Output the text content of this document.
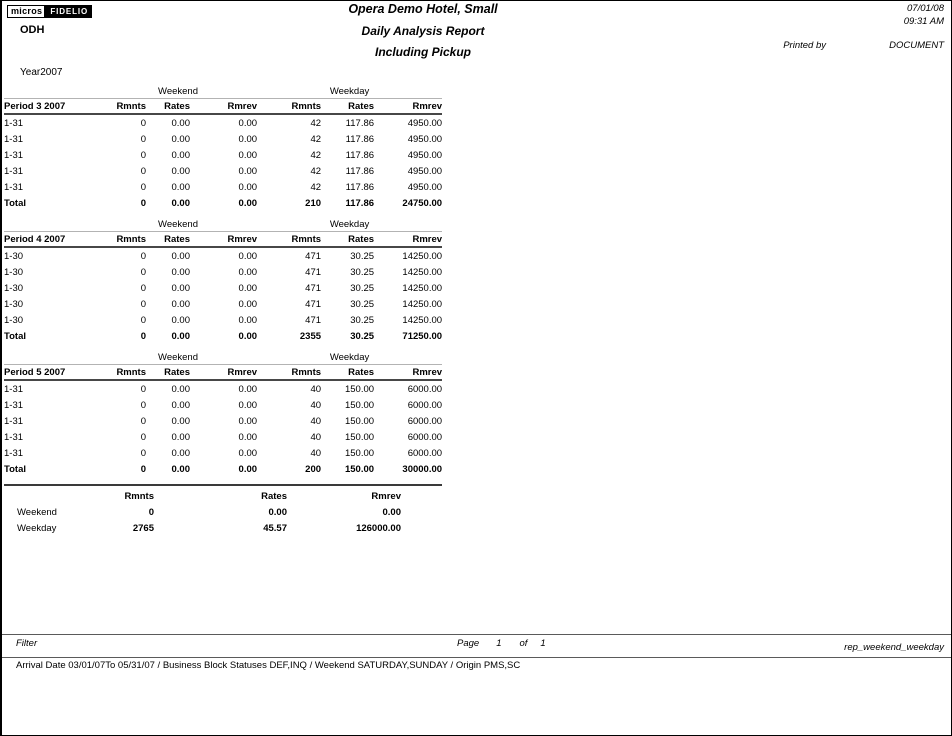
micros	FIDELIO
ODH
Opera Demo Hotel, Small
Daily Analysis Report
Including Pickup
07/01/08
09:31 AM
Printed by	DOCUMENT
Year2007
	Weekend			Weekday		
Period 3 2007	Rmnts	Rates	Rmrev	Rmnts	Rates	Rmrev
1-31	0	0.00	0.00	42	117.86	4950.00
1-31	0	0.00	0.00	42	117.86	4950.00
1-31	0	0.00	0.00	42	117.86	4950.00
1-31	0	0.00	0.00	42	117.86	4950.00
1-31	0	0.00	0.00	42	117.86	4950.00
Total	0	0.00	0.00	210	117.86	24750.00
	Weekend			Weekday		
Period 4 2007	Rmnts	Rates	Rmrev	Rmnts	Rates	Rmrev
1-30	0	0.00	0.00	471	30.25	14250.00
1-30	0	0.00	0.00	471	30.25	14250.00
1-30	0	0.00	0.00	471	30.25	14250.00
1-30	0	0.00	0.00	471	30.25	14250.00
1-30	0	0.00	0.00	471	30.25	14250.00
Total	0	0.00	0.00	2355	30.25	71250.00
	Weekend			Weekday		
Period 5 2007	Rmnts	Rates	Rmrev	Rmnts	Rates	Rmrev
1-31	0	0.00	0.00	40	150.00	6000.00
1-31	0	0.00	0.00	40	150.00	6000.00
1-31	0	0.00	0.00	40	150.00	6000.00
1-31	0	0.00	0.00	40	150.00	6000.00
1-31	0	0.00	0.00	40	150.00	6000.00
Total	0	0.00	0.00	200	150.00	30000.00
	Rmnts	Rates	Rmrev
Weekend	0	0.00	0.00
Weekday	2765	45.57	126000.00
Filter	Page 1 of 1	rep_weekend_weekday
Arrival Date 03/01/07To 05/31/07 / Business Block Statuses DEF,INQ / Weekend SATURDAY,SUNDAY / Origin PMS,SC
